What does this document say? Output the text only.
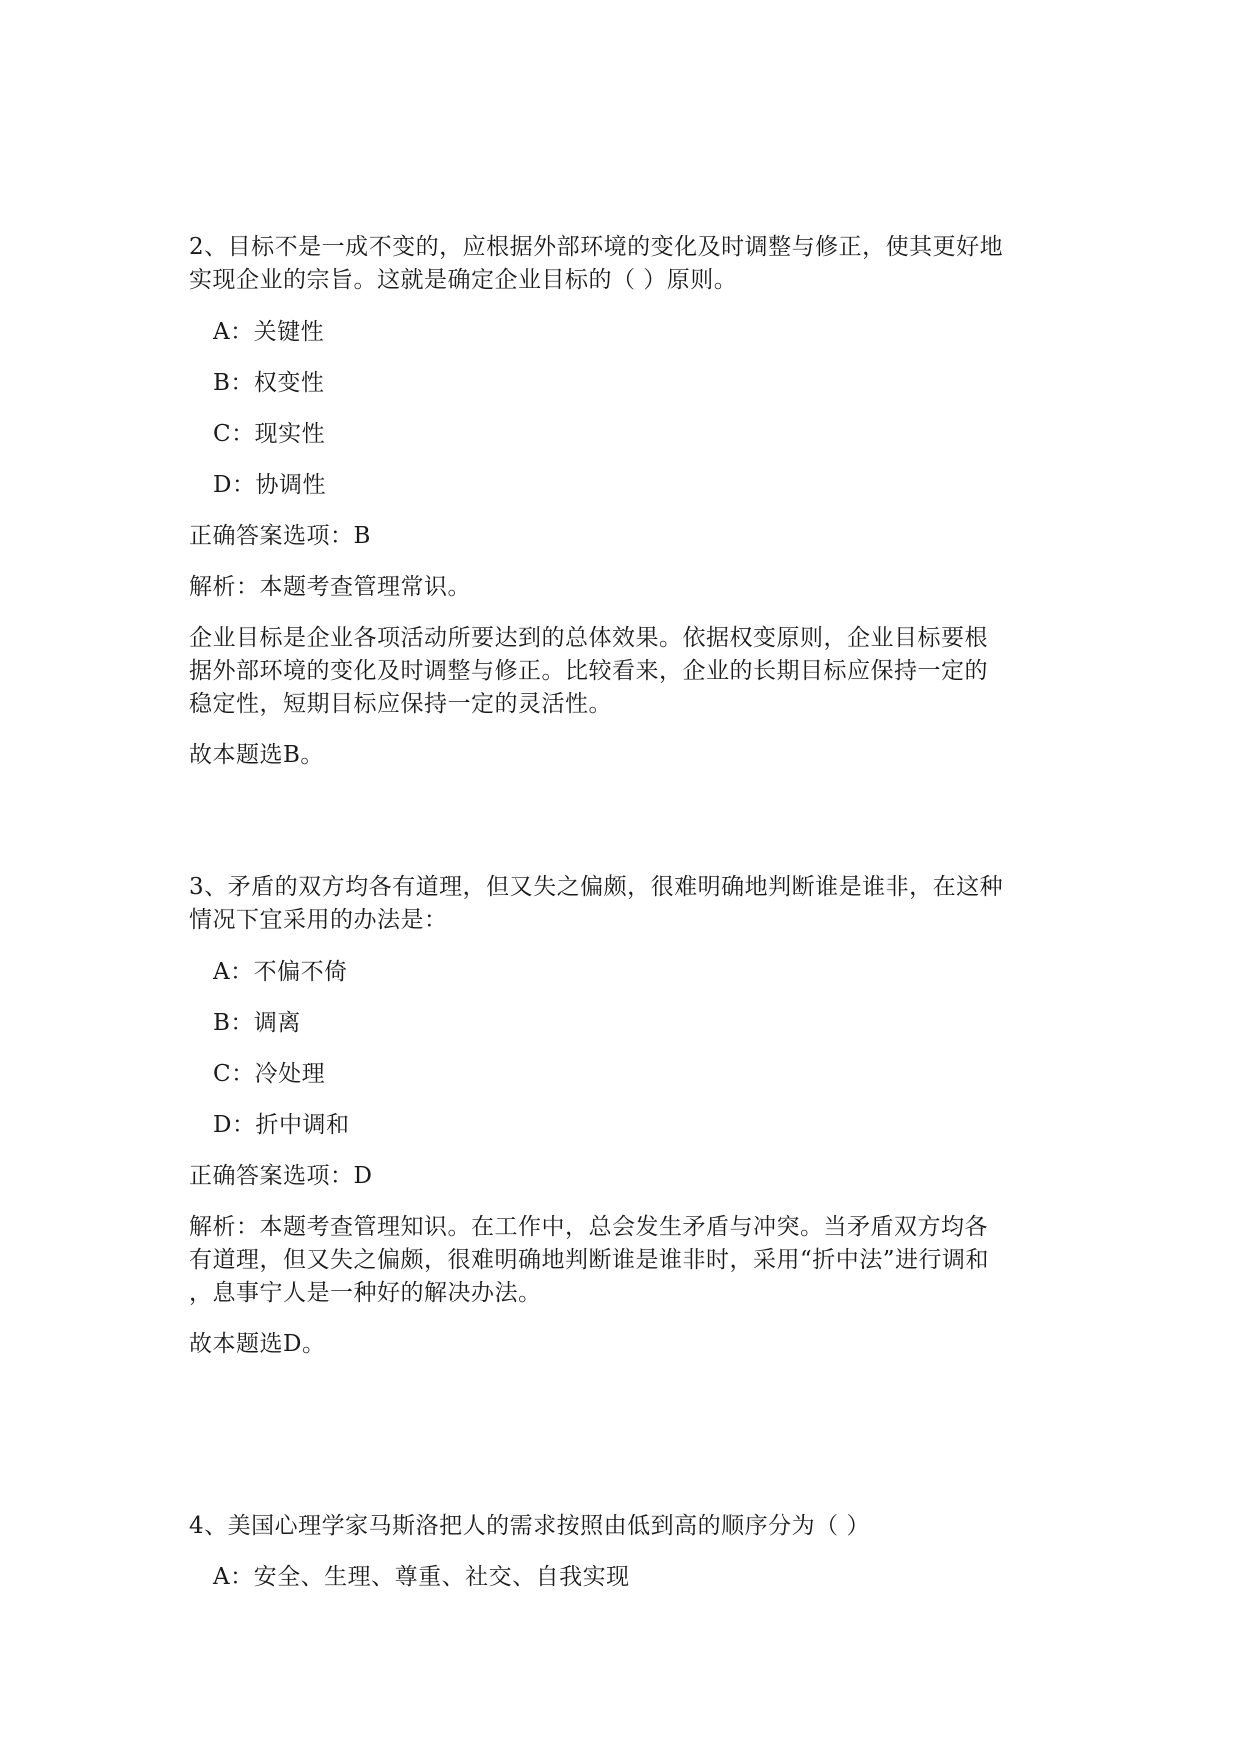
2、目标不是一成不变的，应根据外部环境的变化及时调整与修正，使其更好地
实现企业的宗旨。这就是确定企业目标的（ ）原则。
A：关键性
B：权变性
C：现实性
D：协调性
正确答案选项：B
解析：本题考查管理常识。
企业目标是企业各项活动所要达到的总体效果。依据权变原则，企业目标要根
据外部环境的变化及时调整与修正。比较看来，企业的长期目标应保持一定的
稳定性，短期目标应保持一定的灵活性。
故本题选B。
3、矛盾的双方均各有道理，但又失之偏颇，很难明确地判断谁是谁非，在这种
情况下宜采用的办法是：
A：不偏不倚
B：调离
C：冷处理
D：折中调和
正确答案选项：D
解析：本题考查管理知识。在工作中，总会发生矛盾与冲突。当矛盾双方均各
有道理，但又失之偏颇，很难明确地判断谁是谁非时，采用“折中法”进行调和
，息事宁人是一种好的解决办法。
故本题选D。
4、美国心理学家马斯洛把人的需求按照由低到高的顺序分为（ ）
A：安全、生理、尊重、社交、自我实现
